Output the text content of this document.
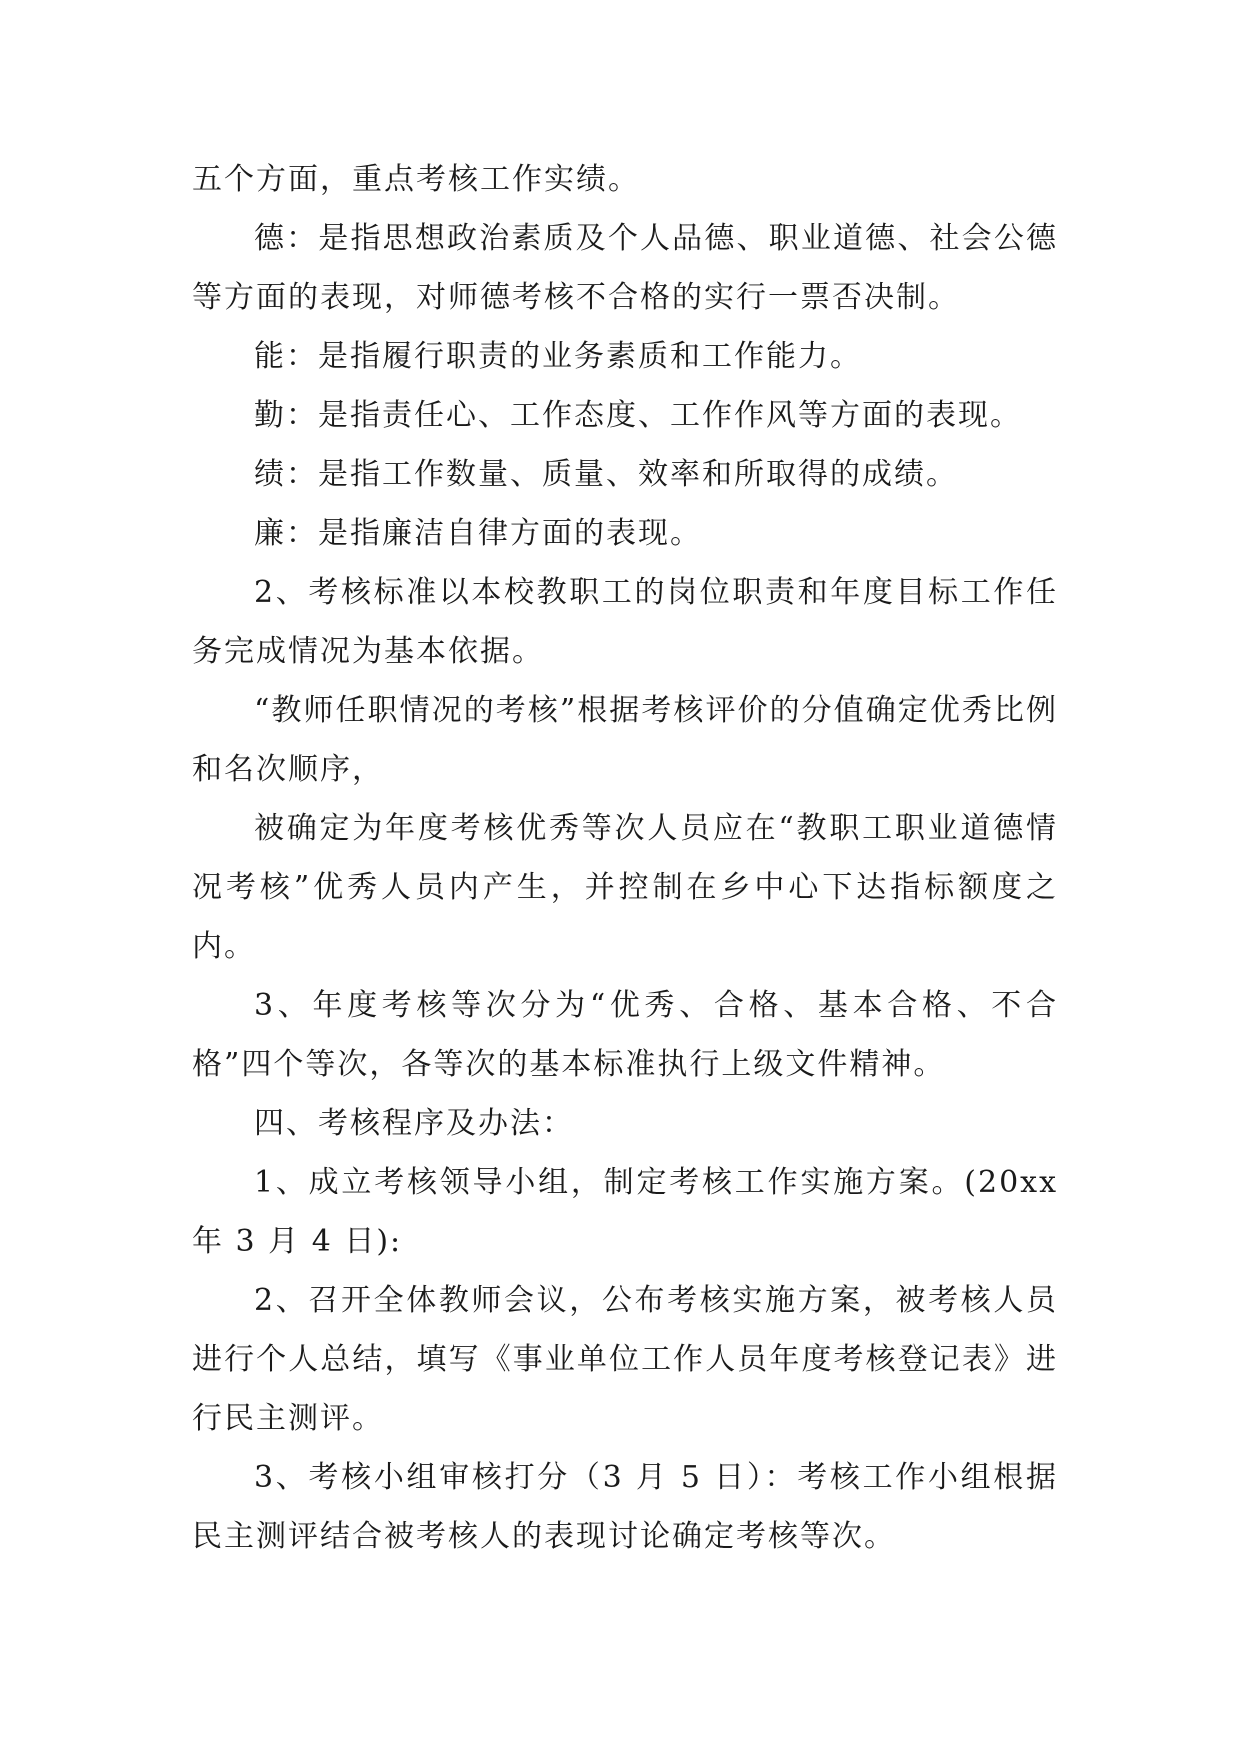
五个方面，重点考核工作实绩。

德：是指思想政治素质及个人品德、职业道德、社会公德等方面的表现，对师德考核不合格的实行一票否决制。

能：是指履行职责的业务素质和工作能力。

勤：是指责任心、工作态度、工作作风等方面的表现。

绩：是指工作数量、质量、效率和所取得的成绩。

廉：是指廉洁自律方面的表现。

2、考核标准以本校教职工的岗位职责和年度目标工作任务完成情况为基本依据。

“教师任职情况的考核”根据考核评价的分值确定优秀比例和名次顺序，

被确定为年度考核优秀等次人员应在“教职工职业道德情况考核”优秀人员内产生，并控制在乡中心下达指标额度之内。

3、年度考核等次分为“优秀、合格、基本合格、不合格”四个等次，各等次的基本标准执行上级文件精神。

四、考核程序及办法：

1、成立考核领导小组，制定考核工作实施方案。(20xx年 3 月 4 日):

2、召开全体教师会议，公布考核实施方案，被考核人员进行个人总结，填写《事业单位工作人员年度考核登记表》进行民主测评。

3、考核小组审核打分（3 月 5 日）：考核工作小组根据民主测评结合被考核人的表现讨论确定考核等次。
